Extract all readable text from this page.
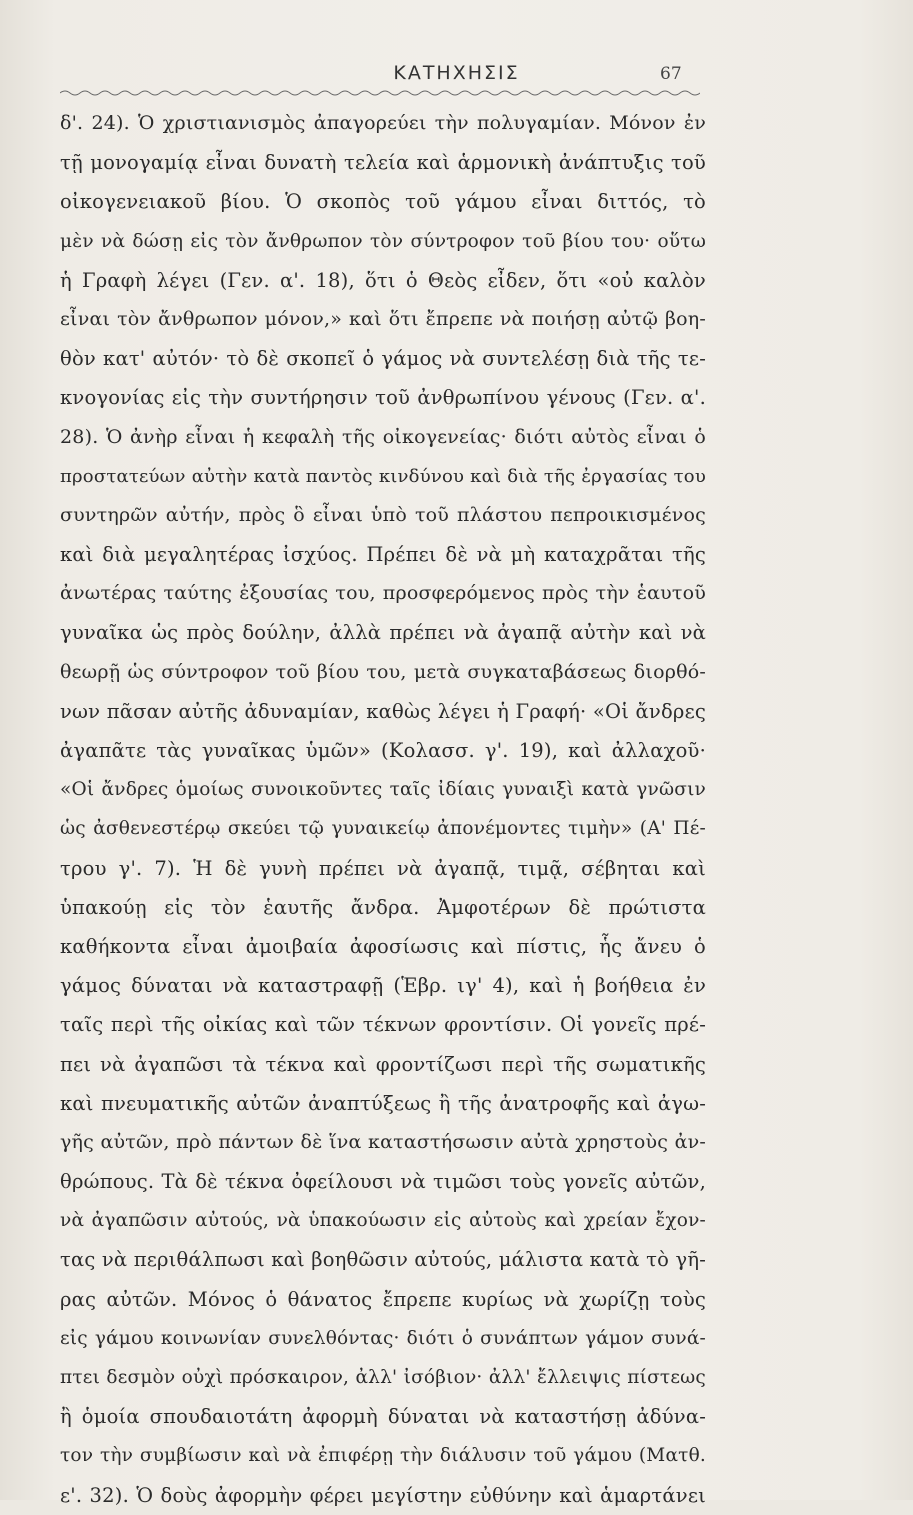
ΚΑΤΗΧΗΣΙΣ	67
δ'. 24). Ὁ χριστιανισμὸς ἀπαγορεύει τὴν πολυγαμίαν. Μόνον ἐν
τῇ μονογαμίᾳ εἶναι δυνατὴ τελεία καὶ ἁρμονικὴ ἀνάπτυξις τοῦ
οἰκογενειακοῦ βίου. Ὁ σκοπὸς τοῦ γάμου εἶναι διττός, τὸ
μὲν νὰ δώσῃ εἰς τὸν ἄνθρωπον τὸν σύντροφον τοῦ βίου του· οὕτω
ἡ Γραφὴ λέγει (Γεν. α'. 18), ὅτι ὁ Θεὸς εἶδεν, ὅτι «οὐ καλὸν
εἶναι τὸν ἄνθρωπον μόνον,» καὶ ὅτι ἔπρεπε νὰ ποιήσῃ αὐτῷ βοη-
θὸν κατ' αὐτόν· τὸ δὲ σκοπεῖ ὁ γάμος νὰ συντελέσῃ διὰ τῆς τε-
κνογονίας εἰς τὴν συντήρησιν τοῦ ἀνθρωπίνου γένους (Γεν. α'.
28). Ὁ ἀνὴρ εἶναι ἡ κεφαλὴ τῆς οἰκογενείας· διότι αὐτὸς εἶναι ὁ
προστατεύων αὐτὴν κατὰ παντὸς κινδύνου καὶ διὰ τῆς ἐργασίας του
συντηρῶν αὐτήν, πρὸς ὃ εἶναι ὑπὸ τοῦ πλάστου πεπροικισμένος
καὶ διὰ μεγαλητέρας ἰσχύος. Πρέπει δὲ νὰ μὴ καταχρᾶται τῆς
ἀνωτέρας ταύτης ἐξουσίας του, προσφερόμενος πρὸς τὴν ἑαυτοῦ
γυναῖκα ὡς πρὸς δούλην, ἀλλὰ πρέπει νὰ ἀγαπᾷ αὐτὴν καὶ νὰ
θεωρῇ ὡς σύντροφον τοῦ βίου του, μετὰ συγκαταβάσεως διορθό-
νων πᾶσαν αὐτῆς ἀδυναμίαν, καθὼς λέγει ἡ Γραφή· «Οἱ ἄνδρες
ἀγαπᾶτε τὰς γυναῖκας ὑμῶν» (Κολασσ. γ'. 19), καὶ ἀλλαχοῦ·
«Οἱ ἄνδρες ὁμοίως συνοικοῦντες ταῖς ἰδίαις γυναιξὶ κατὰ γνῶσιν
ὡς ἀσθενεστέρῳ σκεύει τῷ γυναικείῳ ἀπονέμοντες τιμὴν» (Α' Πέ-
τρου γ'. 7). Ἡ δὲ γυνὴ πρέπει νὰ ἀγαπᾷ, τιμᾷ, σέβηται καὶ
ὑπακούῃ εἰς τὸν ἑαυτῆς ἄνδρα. Ἀμφοτέρων δὲ πρώτιστα
καθήκοντα εἶναι ἀμοιβαία ἀφοσίωσις καὶ πίστις, ἧς ἄνευ ὁ
γάμος δύναται νὰ καταστραφῇ (Ἑβρ. ιγ' 4), καὶ ἡ βοήθεια ἐν
ταῖς περὶ τῆς οἰκίας καὶ τῶν τέκνων φροντίσιν. Οἱ γονεῖς πρέ-
πει νὰ ἀγαπῶσι τὰ τέκνα καὶ φροντίζωσι περὶ τῆς σωματικῆς
καὶ πνευματικῆς αὐτῶν ἀναπτύξεως ἢ τῆς ἀνατροφῆς καὶ ἀγω-
γῆς αὐτῶν, πρὸ πάντων δὲ ἵνα καταστήσωσιν αὐτὰ χρηστοὺς ἀν-
θρώπους. Τὰ δὲ τέκνα ὀφείλουσι νὰ τιμῶσι τοὺς γονεῖς αὐτῶν,
νὰ ἀγαπῶσιν αὐτούς, νὰ ὑπακούωσιν εἰς αὐτοὺς καὶ χρείαν ἔχον-
τας νὰ περιθάλπωσι καὶ βοηθῶσιν αὐτούς, μάλιστα κατὰ τὸ γῆ-
ρας αὐτῶν. Μόνος ὁ θάνατος ἔπρεπε κυρίως νὰ χωρίζῃ τοὺς
εἰς γάμου κοινωνίαν συνελθόντας· διότι ὁ συνάπτων γάμον συνά-
πτει δεσμὸν οὐχὶ πρόσκαιρον, ἀλλ' ἰσόβιον· ἀλλ' ἔλλειψις πίστεως
ἢ ὁμοία σπουδαιοτάτη ἀφορμὴ δύναται νὰ καταστήσῃ ἀδύνα-
τον τὴν συμβίωσιν καὶ νὰ ἐπιφέρῃ τὴν διάλυσιν τοῦ γάμου (Ματθ.
ε'. 32). Ὁ δοὺς ἀφορμὴν φέρει μεγίστην εὐθύνην καὶ ἁμαρτάνει
